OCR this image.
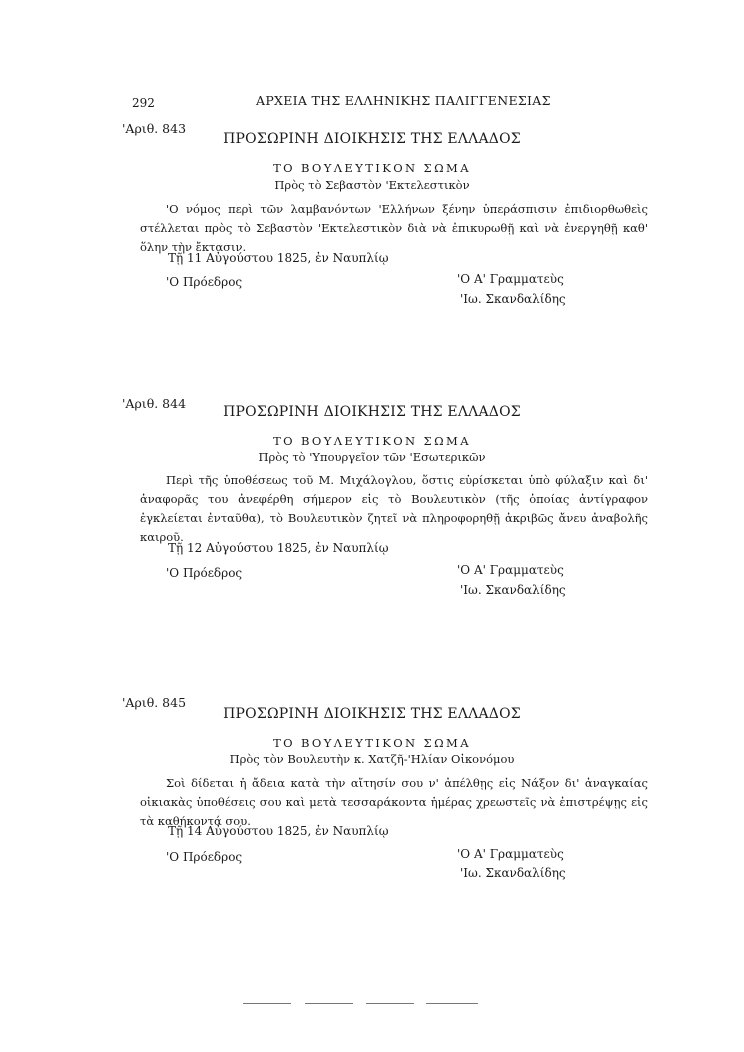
292	ΑΡΧΕΙΑ ΤΗΣ ΕΛΛΗΝΙΚΗΣ ΠΑΛΙΓΓΕΝΕΣΙΑΣ
'Αριθ. 843
ΠΡΟΣΩΡΙΝΗ ΔΙΟΙΚΗΣΙΣ ΤΗΣ ΕΛΛΑΔΟΣ
ΤΟ ΒΟΥΛΕΥΤΙΚΟΝ ΣΩΜΑ
Πρὸς τὸ Σεβαστὸν 'Εκτελεστικὸν
'Ο νόμος περὶ τῶν λαμβανόντων 'Ελλήνων ξένην ὑπεράσπισιν ἐπιδιορθωθεὶς στέλλεται πρὸς τὸ Σεβαστὸν 'Εκτελεστικὸν διὰ νὰ ἐπικυρωθῇ καὶ νὰ ἐνεργηθῇ καθ' ὅλην τὴν ἔκτασιν.
Τῇ 11 Αὐγούστου 1825, ἐν Ναυπλίῳ
'Ο Πρόεδρος	'Ο Α' Γραμματεὺς
'Ιω. Σκανδαλίδης
'Αριθ. 844
ΠΡΟΣΩΡΙΝΗ ΔΙΟΙΚΗΣΙΣ ΤΗΣ ΕΛΛΑΔΟΣ
ΤΟ ΒΟΥΛΕΥΤΙΚΟΝ ΣΩΜΑ
Πρὸς τὸ 'Υπουργεῖον τῶν 'Εσωτερικῶν
Περὶ τῆς ὑποθέσεως τοῦ Μ. Μιχάλογλου, ὅστις εὑρίσκεται ὑπὸ φύλαξιν καὶ δι' ἀναφορᾶς του ἀνεφέρθη σήμερον εἰς τὸ Βουλευτικὸν (τῆς ὁποίας ἀντίγραφον ἐγκλείεται ἐνταῦθα), τὸ Βουλευτικὸν ζητεῖ νὰ πληροφορηθῇ ἀκριβῶς ἄνευ ἀναβολῆς καιροῦ.
Τῇ 12 Αὐγούστου 1825, ἐν Ναυπλίῳ
'Ο Πρόεδρος	'Ο Α' Γραμματεὺς
'Ιω. Σκανδαλίδης
'Αριθ. 845
ΠΡΟΣΩΡΙΝΗ ΔΙΟΙΚΗΣΙΣ ΤΗΣ ΕΛΛΑΔΟΣ
ΤΟ ΒΟΥΛΕΥΤΙΚΟΝ ΣΩΜΑ
Πρὸς τὸν Βουλευτὴν κ. Χατζῆ-'Ηλίαν Οἰκονόμου
Σοὶ δίδεται ἡ ἄδεια κατὰ τὴν αἴτησίν σου ν' ἀπέλθῃς εἰς Νάξον δι' ἀναγκαίας οἰκιακὰς ὑποθέσεις σου καὶ μετὰ τεσσαράκοντα ἡμέρας χρεωστεῖς νὰ ἐπιστρέψῃς εἰς τὰ καθήκοντά σου.
Τῇ 14 Αὐγούστου 1825, ἐν Ναυπλίῳ
'Ο Πρόεδρος	'Ο Α' Γραμματεὺς
'Ιω. Σκανδαλίδης
